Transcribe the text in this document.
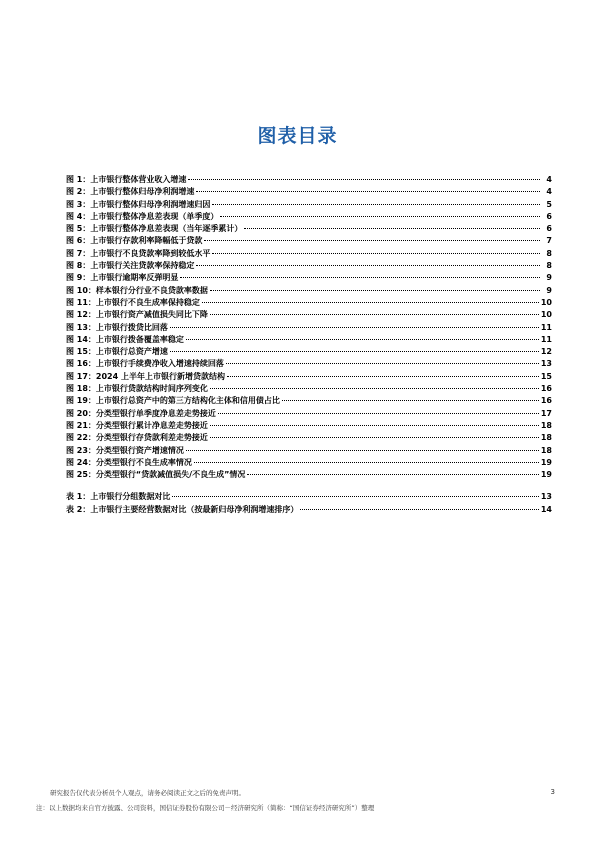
图表目录
图 1： 上市银行整体营业收入增速	4
图 2： 上市银行整体归母净利润增速	4
图 3： 上市银行整体归母净利润增速归因	5
图 4： 上市银行整体净息差表现（单季度）	6
图 5： 上市银行整体净息差表现（当年逐季累计）	6
图 6： 上市银行存款利率降幅低于贷款	7
图 7： 上市银行不良贷款率降到较低水平	8
图 8： 上市银行关注贷款率保持稳定	8
图 9： 上市银行逾期率反弹明显	9
图 10： 样本银行分行业不良贷款率数据	9
图 11： 上市银行不良生成率保持稳定	10
图 12： 上市银行资产减值损失同比下降	10
图 13： 上市银行拨贷比回落	11
图 14： 上市银行拨备覆盖率稳定	11
图 15： 上市银行总资产增速	12
图 16： 上市银行手续费净收入增速持续回落	13
图 17： 2024 上半年上市银行新增贷款结构	15
图 18： 上市银行贷款结构时间序列变化	16
图 19： 上市银行总资产中的第三方结构化主体和信用债占比	16
图 20： 分类型银行单季度净息差走势接近	17
图 21： 分类型银行累计净息差走势接近	18
图 22： 分类型银行存贷款利差走势接近	18
图 23： 分类型银行资产增速情况	18
图 24： 分类型银行不良生成率情况	19
图 25： 分类型银行“贷款减值损失/不良生成”情况	19
表 1： 上市银行分组数据对比	13
表 2： 上市银行主要经营数据对比（按最新归母净利润增速排序）	14
研究报告仅代表分析员个人观点，请务必阅读正文之后的免责声明。	3
注：以上数据均来自官方披露、公司资料，国信证券股份有限公司－经济研究所（简称：“国信证券经济研究所”）整理
